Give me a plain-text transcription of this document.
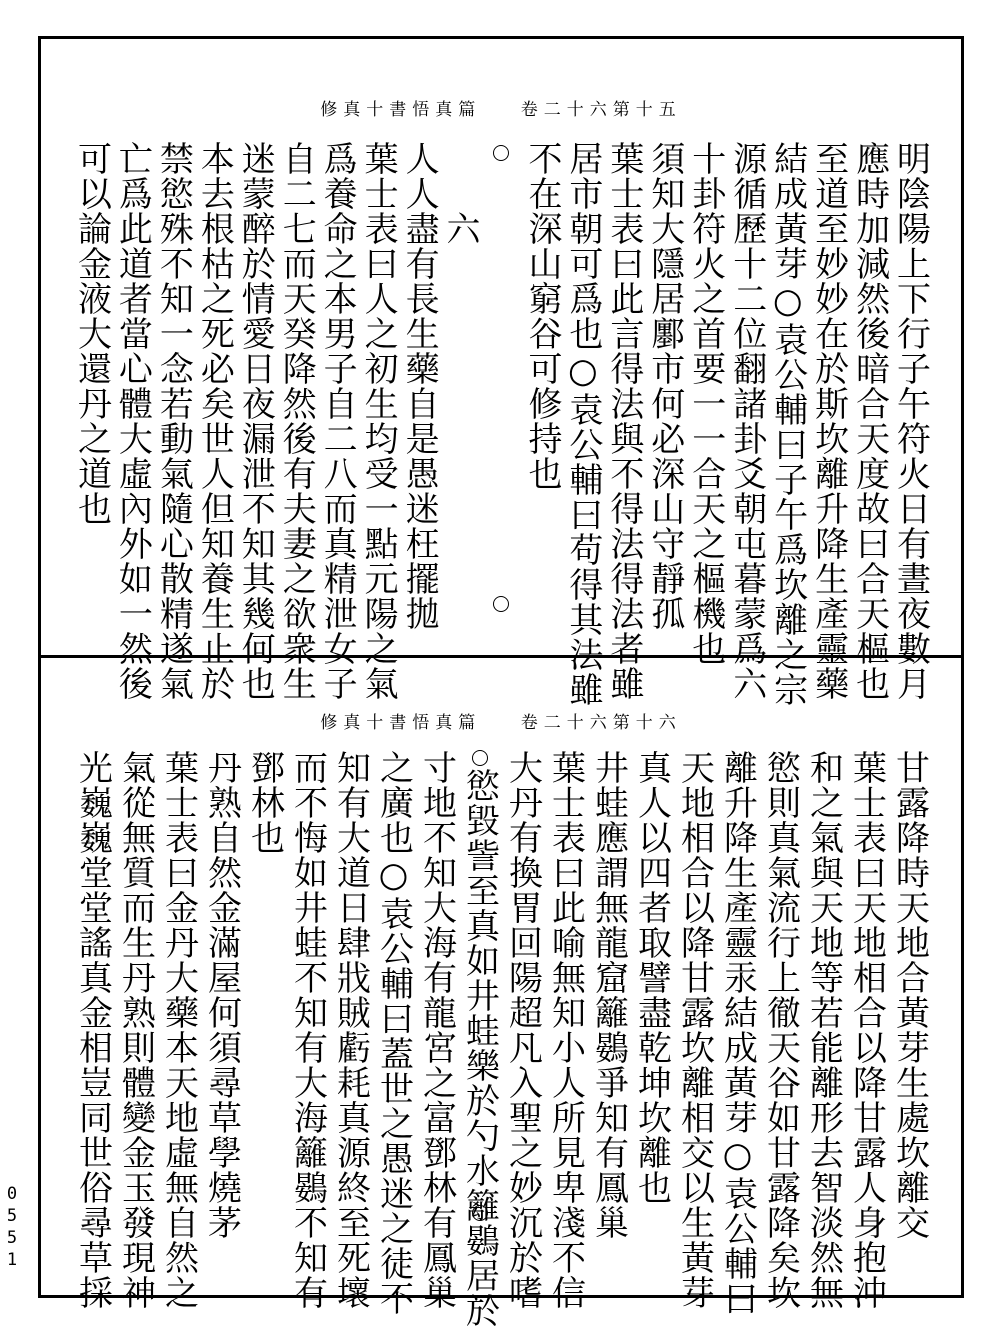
修真十書悟真篇 卷二十六第十五
明陰陽上下行子午符火日有晝夜數月
應時加減然後暗合天度故曰合天樞也
至道至妙妙在於斯坎離升降生產靈藥
結成黃芽○袁公輔曰子午爲坎離之宗
源循歷十二位翻諸卦爻朝屯暮蒙爲六
十卦符火之首要一一合天之樞機也
須知大隱居鄽市何必深山守靜孤
葉士表曰此言得法與不得法得法者雖
居市朝可爲也○袁公輔曰苟得其法雖
不在深山窮谷可修持也
六
人人盡有長生藥自是愚迷枉擺拋
葉士表曰人之初生均受一點元陽之氣
爲養命之本男子自二八而真精泄女子
自二七而天癸降然後有夫妻之欲衆生
迷蒙醉於情愛日夜漏泄不知其幾何也
本去根枯之死必矣世人但知養生止於
禁慾殊不知一念若動氣隨心散精遂氣
亡爲此道者當心體大虛內外如一然後
可以論金液大還丹之道也
修真十書悟真篇 卷二十六第十六
甘露降時天地合黃芽生處坎離交
葉士表曰天地相合以降甘露人身抱沖
和之氣與天地等若能離形去智淡然無
慾則真氣流行上徹天谷如甘露降矣坎
離升降生產靈汞結成黃芽○袁公輔曰
天地相合以降甘露坎離相交以生黃芽
真人以四者取譬盡乾坤坎離也
井蛙應謂無龍窟籬鷃爭知有鳳巢
葉士表曰此喻無知小人所見卑淺不信
大丹有換胃回陽超凡入聖之妙沉於嗜
慾毀訾至真如井蛙樂於勺水籬鷃居於
寸地不知大海有龍宮之富鄧林有鳳巢
之廣也○袁公輔曰蓋世之愚迷之徒不
知有大道日肆戕賊虧耗真源終至死壞
而不悔如井蛙不知有大海籬鷃不知有
鄧林也
丹熟自然金滿屋何須尋草學燒茅
葉士表曰金丹大藥本天地虛無自然之
氣從無質而生丹熟則體變金玉發現神
光巍巍堂堂謠真金相豈同世俗尋草採
0551
